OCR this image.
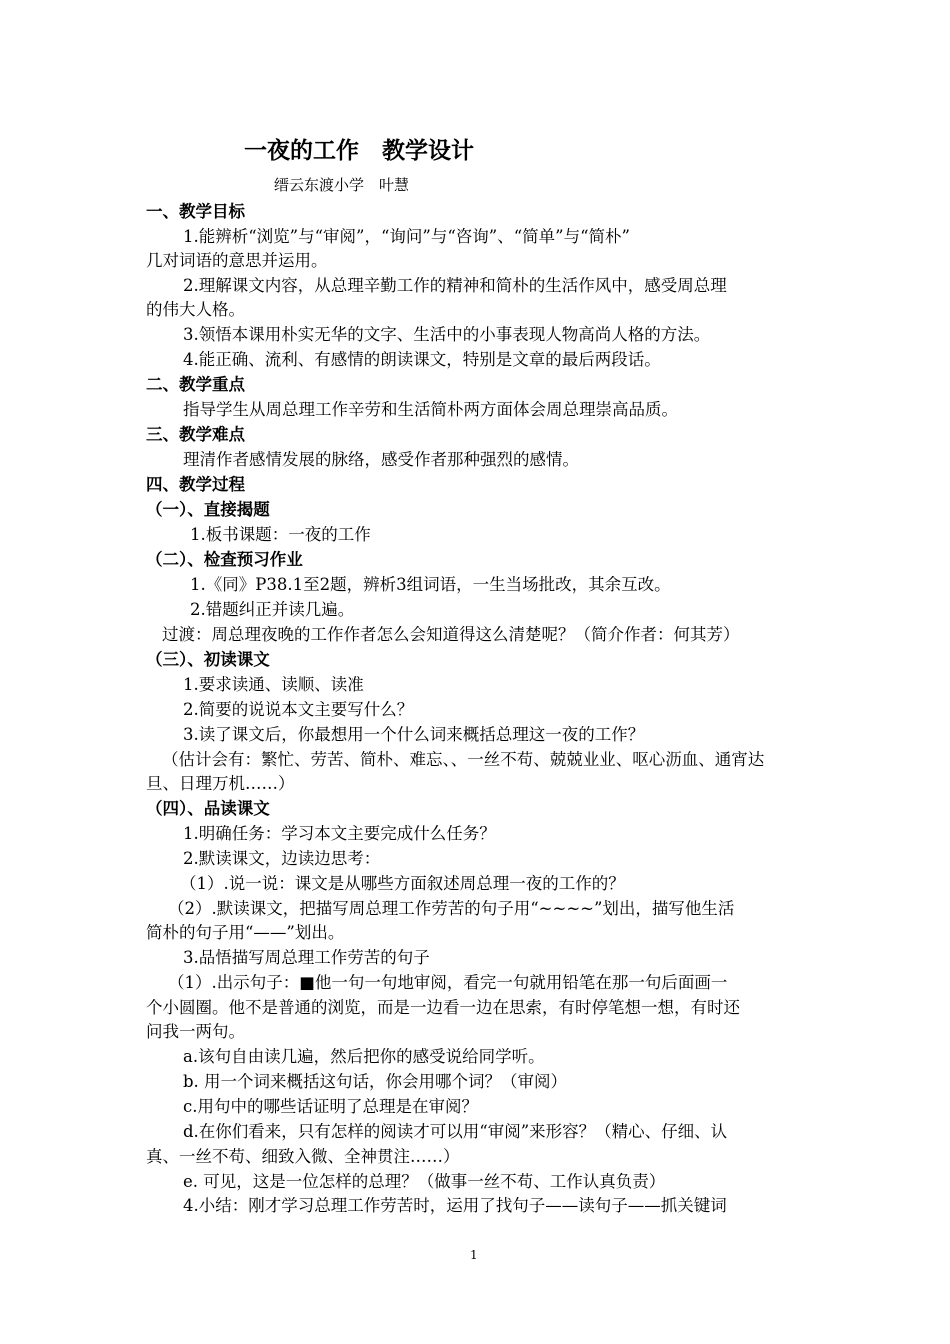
一夜的工作　教学设计
缙云东渡小学　叶慧
一、教学目标
1.能辨析“浏览”与“审阅”，“询问”与“咨询”、“简单”与“简朴”
几对词语的意思并运用。
2.理解课文内容，从总理辛勤工作的精神和简朴的生活作风中，感受周总理
的伟大人格。
3.领悟本课用朴实无华的文字、生活中的小事表现人物高尚人格的方法。
4.能正确、流利、有感情的朗读课文，特别是文章的最后两段话。
二、教学重点
指导学生从周总理工作辛劳和生活简朴两方面体会周总理崇高品质。
三、教学难点
理清作者感情发展的脉络，感受作者那种强烈的感情。
四、教学过程
（一）、直接揭题
1.板书课题：一夜的工作
（二）、检查预习作业
1.《同》P38.1至2题，辨析3组词语，一生当场批改，其余互改。
2.错题纠正并读几遍。
过渡：周总理夜晚的工作作者怎么会知道得这么清楚呢？（简介作者：何其芳）
（三）、初读课文
1.要求读通、读顺、读准
2.简要的说说本文主要写什么？
3.读了课文后，你最想用一个什么词来概括总理这一夜的工作？
（估计会有：繁忙、劳苦、简朴、难忘、、一丝不苟、兢兢业业、呕心沥血、通宵达
旦、日理万机……）
（四）、品读课文
1.明确任务：学习本文主要完成什么任务？
2.默读课文，边读边思考：
（1）.说一说：课文是从哪些方面叙述周总理一夜的工作的？
（2）.默读课文，把描写周总理工作劳苦的句子用“~~~~”划出，描写他生活
简朴的句子用“——”划出。
3.品悟描写周总理工作劳苦的句子
（1）.出示句子：■他一句一句地审阅，看完一句就用铅笔在那一句后面画一
个小圆圈。他不是普通的浏览，而是一边看一边在思索，有时停笔想一想，有时还
问我一两句。
a.该句自由读几遍，然后把你的感受说给同学听。
b. 用一个词来概括这句话，你会用哪个词？（审阅）
c.用句中的哪些话证明了总理是在审阅？
d.在你们看来，只有怎样的阅读才可以用“审阅”来形容？（精心、仔细、认
真、一丝不苟、细致入微、全神贯注……）
e. 可见，这是一位怎样的总理？（做事一丝不苟、工作认真负责）
4.小结：刚才学习总理工作劳苦时，运用了找句子——读句子——抓关键词
1
